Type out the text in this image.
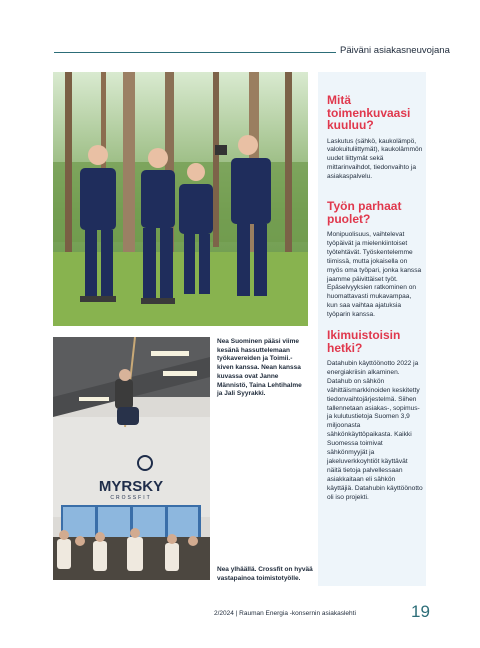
Päiväni asiakasneuvojana
MYRSKY
CROSSFIT
Nea Suominen pääsi viime kesänä hassuttelemaan työkavereiden ja Toimii.-kiven kanssa. Nean kanssa kuvassa ovat Janne Männistö, Taina Lehtihalme ja Jali Syyrakki.
Nea ylhäällä. Crossfit on hyvää vastapainoa toimistotyölle.
Mitä toimenkuvaasi kuuluu?

Laskutus (sähkö, kaukolämpö, valokuituliittymät), kaukolämmön uudet liittymät sekä mittarinvaihdot, tiedonvaihto ja asiakaspalvelu.

Työn parhaat puolet?

Monipuolisuus, vaihtelevat työpäivät ja mielenkiintoiset työtehtävät. Työskentelemme tiimissä, mutta jokaisella on myös oma työpari, jonka kanssa jaamme päivittäiset työt. Epäselvyyksien ratkominen on huomattavasti mukavampaa, kun saa vaihtaa ajatuksia työparin kanssa.

Ikimuistoisin hetki?

Datahubin käyttöönotto 2022 ja energiakriisin alkaminen. Datahub on sähkön vähittäismarkkinoiden keskitetty tiedonvaihtojärjestelmä. Siihen tallennetaan asiakas-, sopimus- ja kulutustietoja Suomen 3,9 miljoonasta sähkönkäyttöpaikasta. Kaikki Suomessa toimivat sähkönmyyjät ja jakeluverkkoyhtiöt käyttävät näitä tietoja palvellessaan asiakkaitaan eli sähkön käyttäjiä. Datahubin käyttöönotto oli iso projekti.

2/2024 | Rauman Energia -konsernin asiakaslehti	19
